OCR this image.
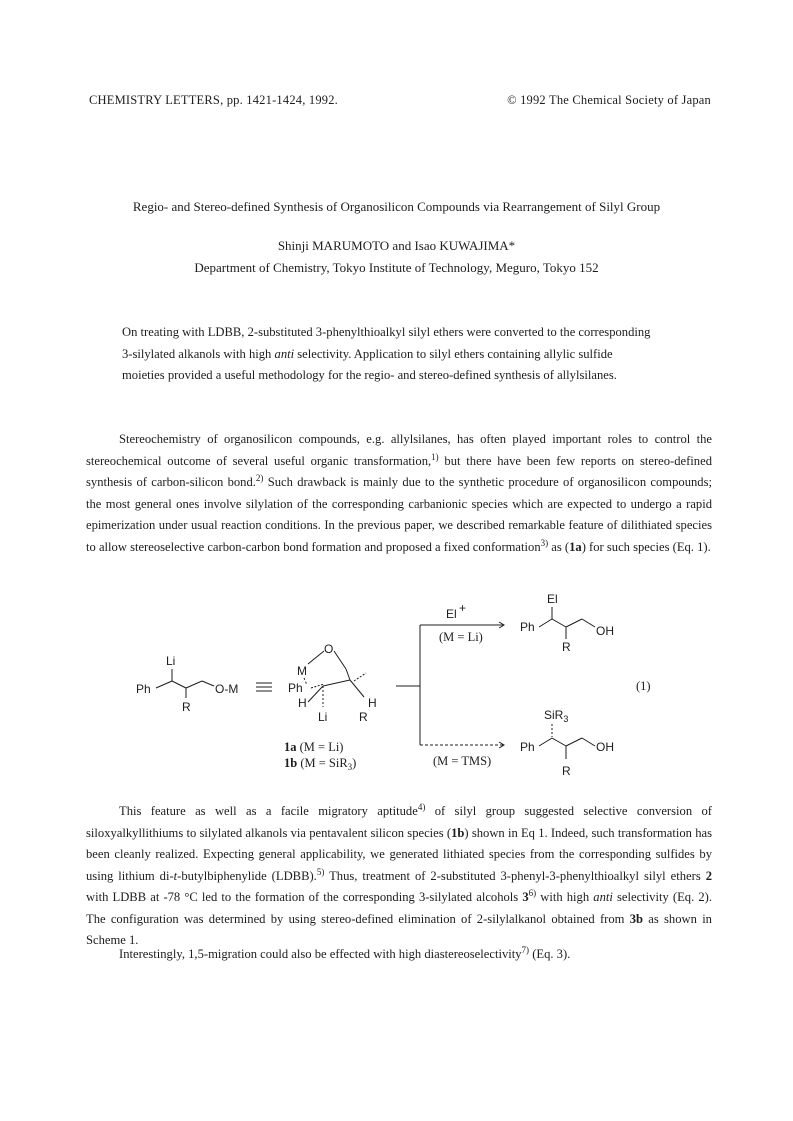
CHEMISTRY LETTERS, pp. 1421-1424, 1992.	© 1992 The Chemical Society of Japan
Regio- and Stereo-defined Synthesis of Organosilicon Compounds via Rearrangement of Silyl Group
Shinji MARUMOTO and Isao KUWAJIMA*
Department of Chemistry, Tokyo Institute of Technology, Meguro, Tokyo 152

On treating with LDBB, 2-substituted 3-phenylthioalkyl silyl ethers were converted to the corresponding 3-silylated alkanols with high anti selectivity. Application to silyl ethers containing allylic sulfide moieties provided a useful methodology for the regio- and stereo-defined synthesis of allylsilanes.

Stereochemistry of organosilicon compounds, e.g. allylsilanes, has often played important roles to control the stereochemical outcome of several useful organic transformation,$^{1)}$ but there have been few reports on stereo-defined synthesis of carbon-silicon bond.$^{2)}$ Such drawback is mainly due to the synthetic procedure of organosilicon compounds; the most general ones involve silylation of the corresponding carbanionic species which are expected to undergo a rapid epimerization under usual reaction conditions. In the previous paper, we described remarkable feature of dilithiated species to allow stereoselective carbon-carbon bond formation and proposed a fixed conformation$^{3)}$ as (1a) for such species (Eq. 1).

Li
Ph
R
O-M
M
O
Ph
H
Li
H
R
1a (M = Li)
1b (M = SiR$_3$)
El +
(M = Li)
(M = TMS)
El
Ph
R
OH
SiR$_3$
Ph
R
OH
(1)

This feature as well as a facile migratory aptitude$^{4)}$ of silyl group suggested selective conversion of siloxyalkyllithiums to silylated alkanols via pentavalent silicon species (1b) shown in Eq 1. Indeed, such transformation has been cleanly realized. Expecting general applicability, we generated lithiated species from the corresponding sulfides by using lithium di-t-butylbiphenylide (LDBB).$^{5)}$ Thus, treatment of 2-substituted 3-phenyl-3-phenylthioalkyl silyl ethers 2 with LDBB at -78 °C led to the formation of the corresponding 3-silylated alcohols 3$^{6)}$ with high anti selectivity (Eq. 2). The configuration was determined by using stereo-defined elimination of 2-silylalkanol obtained from 3b as shown in Scheme 1.

Interestingly, 1,5-migration could also be effected with high diastereoselectivity$^{7)}$ (Eq. 3).
